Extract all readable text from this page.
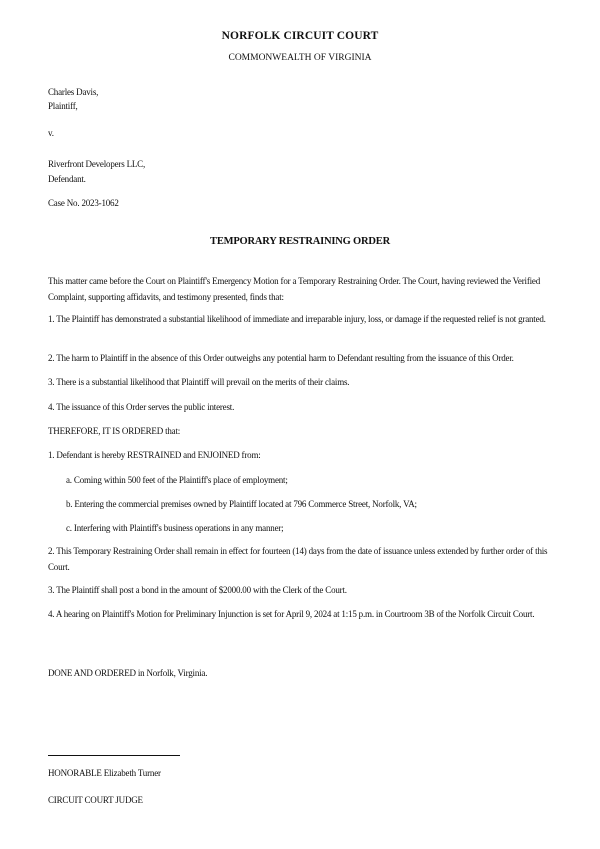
NORFOLK CIRCUIT COURT

COMMONWEALTH OF VIRGINIA

Charles Davis,

Plaintiff,

v.

Riverfront Developers LLC,

Defendant.

Case No. 2023-1062

TEMPORARY RESTRAINING ORDER

This matter came before the Court on Plaintiff's Emergency Motion for a Temporary Restraining Order. The Court, having reviewed the Verified Complaint, supporting affidavits, and testimony presented, finds that:

1. The Plaintiff has demonstrated a substantial likelihood of immediate and irreparable injury, loss, or damage if the requested relief is not granted.

2. The harm to Plaintiff in the absence of this Order outweighs any potential harm to Defendant resulting from the issuance of this Order.

3. There is a substantial likelihood that Plaintiff will prevail on the merits of their claims.

4. The issuance of this Order serves the public interest.

THEREFORE, IT IS ORDERED that:

1. Defendant is hereby RESTRAINED and ENJOINED from:

a. Coming within 500 feet of the Plaintiff's place of employment;

b. Entering the commercial premises owned by Plaintiff located at 796 Commerce Street, Norfolk, VA;

c. Interfering with Plaintiff's business operations in any manner;

2. This Temporary Restraining Order shall remain in effect for fourteen (14) days from the date of issuance unless extended by further order of this Court.

3. The Plaintiff shall post a bond in the amount of $2000.00 with the Clerk of the Court.

4. A hearing on Plaintiff's Motion for Preliminary Injunction is set for April 9, 2024 at 1:15 p.m. in Courtroom 3B of the Norfolk Circuit Court.

DONE AND ORDERED in Norfolk, Virginia.

HONORABLE Elizabeth Turner

CIRCUIT COURT JUDGE
